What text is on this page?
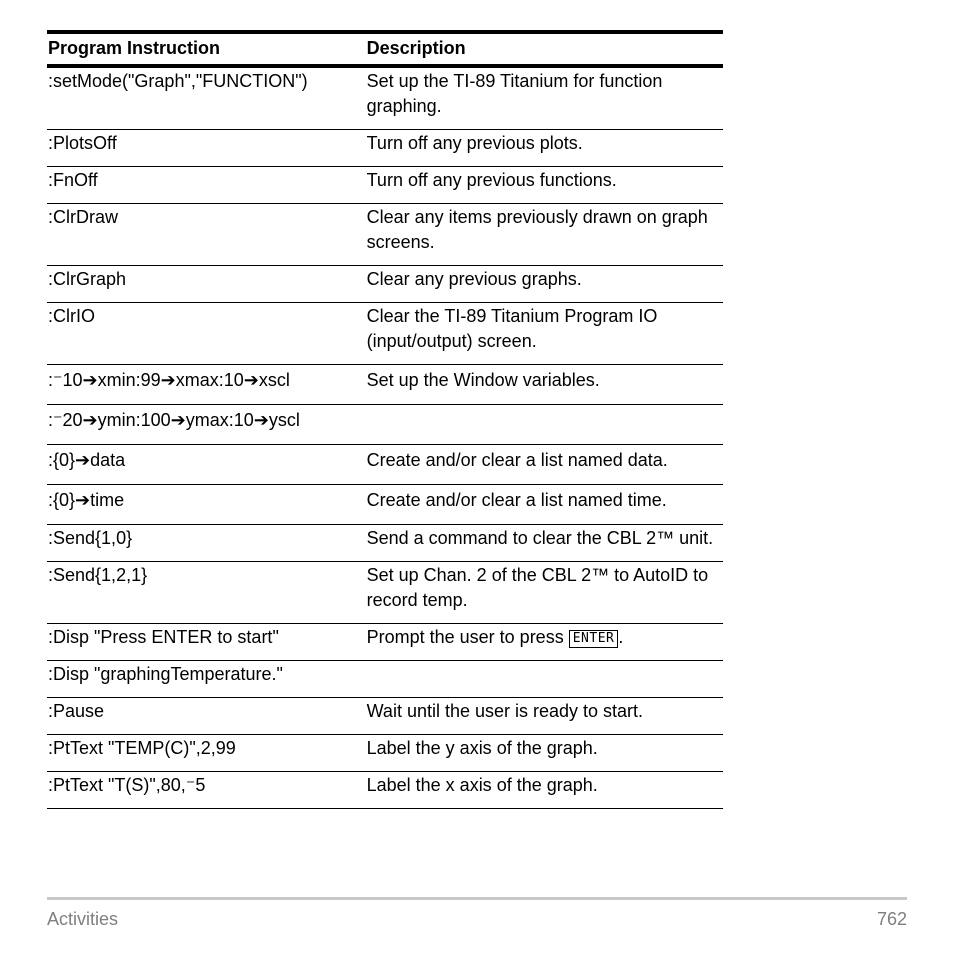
Program Instruction	Description
:setMode("Graph","FUNCTION")	Set up the TI-89 Titanium for function graphing.
:PlotsOff	Turn off any previous plots.
:FnOff	Turn off any previous functions.
:ClrDraw	Clear any items previously drawn on graph screens.
:ClrGraph	Clear any previous graphs.
:ClrIO	Clear the TI-89 Titanium Program IO (input/output) screen.
:⁻10➔xmin:99➔xmax:10➔xscl	Set up the Window variables.
:⁻20➔ymin:100➔ymax:10➔yscl	
:{0}➔data	Create and/or clear a list named data.
:{0}➔time	Create and/or clear a list named time.
:Send{1,0}	Send a command to clear the CBL 2™ unit.
:Send{1,2,1}	Set up Chan. 2 of the CBL 2™ to AutoID to record temp.
:Disp "Press ENTER to start"	Prompt the user to press ENTER .
:Disp "graphingTemperature."	
:Pause	Wait until the user is ready to start.
:PtText "TEMP(C)",2,99	Label the y axis of the graph.
:PtText "T(S)",80,⁻5	Label the x axis of the graph.
Activities	762
